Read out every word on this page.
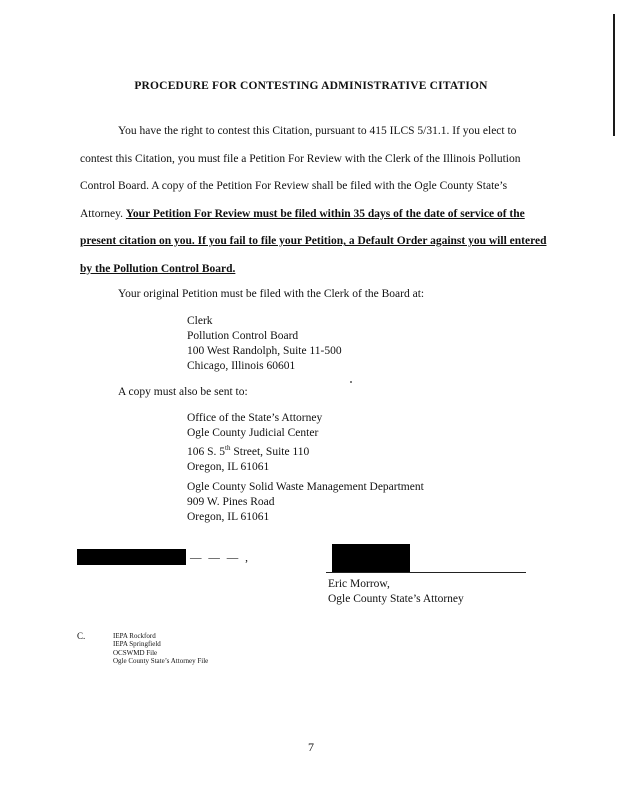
PROCEDURE FOR CONTESTING ADMINISTRATIVE CITATION
You have the right to contest this Citation, pursuant to 415 ILCS 5/31.1. If you elect to contest this Citation, you must file a Petition For Review with the Clerk of the Illinois Pollution Control Board. A copy of the Petition For Review shall be filed with the Ogle County State’s Attorney. Your Petition For Review must be filed within 35 days of the date of service of the present citation on you. If you fail to file your Petition, a Default Order against you will entered by the Pollution Control Board.
Your original Petition must be filed with the Clerk of the Board at:
Clerk
Pollution Control Board
100 West Randolph, Suite 11-500
Chicago, Illinois 60601
A copy must also be sent to:
Office of the State’s Attorney
Ogle County Judicial Center
106 S. 5th Street, Suite 110
Oregon, IL 61061
Ogle County Solid Waste Management Department
909 W. Pines Road
Oregon, IL 61061
— — — ,
Eric Morrow,
Ogle County State’s Attorney
C.	IEPA Rockford
IEPA Springfield
OCSWMD File
Ogle County State’s Attorney File
7
